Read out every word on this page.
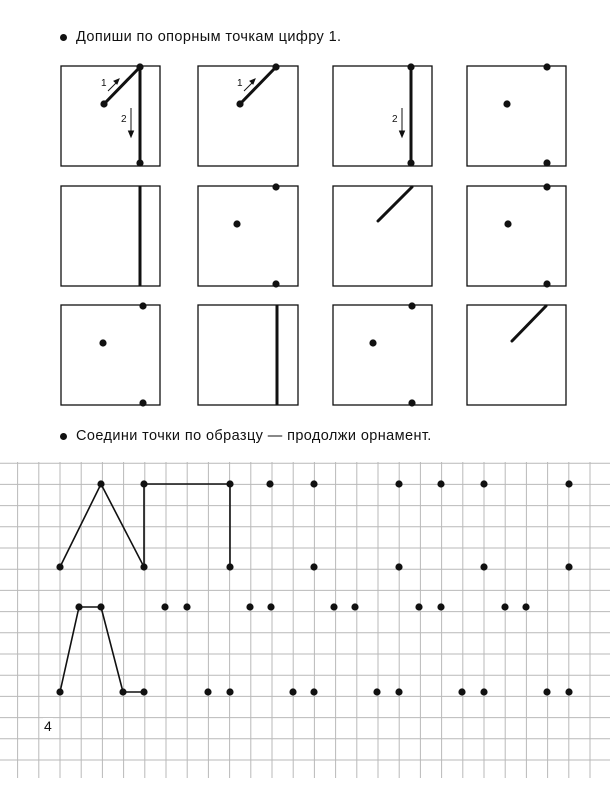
Допиши по опорным точкам цифру 1.
1
2
1
2
Соедини точки по образцу — продолжи орнамент.
4
